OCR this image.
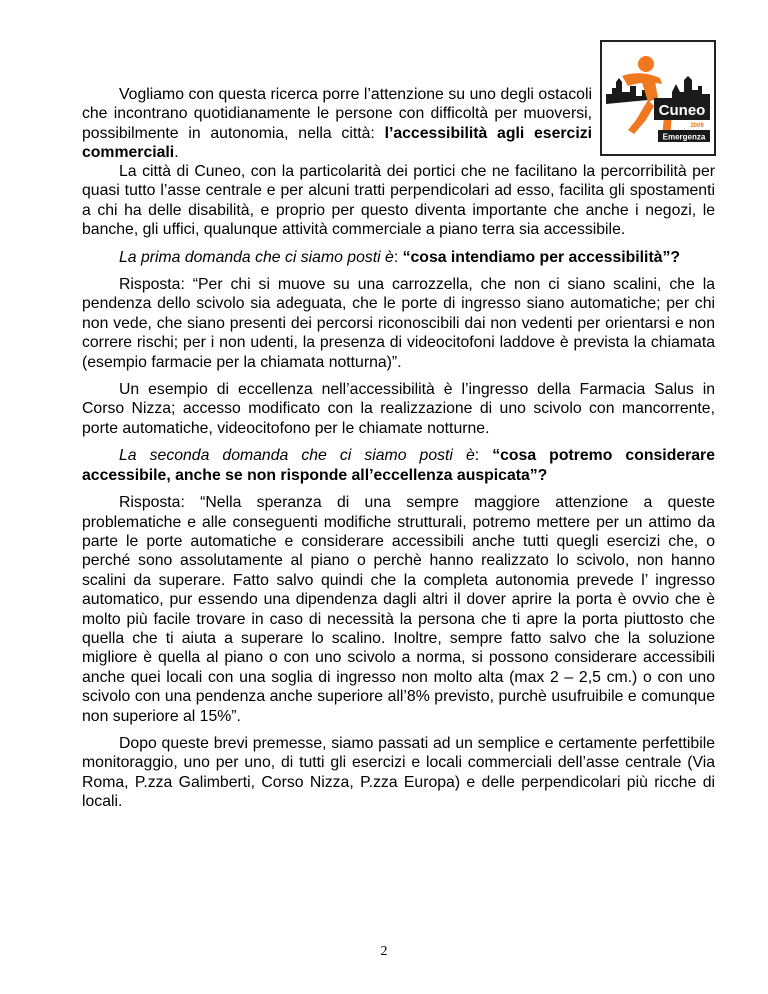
Cuneo
2009
Emergenza

Vogliamo con questa ricerca porre l’attenzione su uno degli ostacoli che incontrano quotidianamente le persone con difficoltà per muoversi, possibilmente in autonomia, nella città: l’accessibilità agli esercizi commerciali.

La città di Cuneo, con la particolarità dei portici che ne facilitano la percorribilità per quasi tutto l’asse centrale e per alcuni tratti perpendicolari ad esso, facilita gli spostamenti a chi ha delle disabilità, e proprio per questo diventa importante che anche i negozi, le banche, gli uffici, qualunque attività commerciale a piano terra sia accessibile.

La prima domanda che ci siamo posti è: “cosa intendiamo per accessibilità”?

Risposta: “Per chi si muove su una carrozzella, che non ci siano scalini, che la pendenza dello scivolo sia adeguata, che le porte di ingresso siano automatiche; per chi non vede, che siano presenti dei percorsi riconoscibili dai non vedenti per orientarsi e non correre rischi; per i non udenti, la presenza di videocitofoni laddove è prevista la chiamata (esempio farmacie per la chiamata notturna)”.

Un esempio di eccellenza nell’accessibilità è l’ingresso della Farmacia Salus in Corso Nizza; accesso modificato con la realizzazione di uno scivolo con mancorrente, porte automatiche, videocitofono per le chiamate notturne.

La seconda domanda che ci siamo posti è: “cosa potremo considerare accessibile, anche se non risponde all’eccellenza auspicata”?

Risposta: “Nella speranza di una sempre maggiore attenzione a queste problematiche e alle conseguenti modifiche strutturali, potremo mettere per un attimo da parte le porte automatiche e considerare accessibili anche tutti quegli esercizi che, o perché sono assolutamente al piano o perchè hanno realizzato lo scivolo, non hanno scalini da superare. Fatto salvo quindi che la completa autonomia prevede l’ ingresso automatico, pur essendo una dipendenza dagli altri il dover aprire la porta è ovvio che è molto più facile trovare in caso di necessità la persona che ti apre la porta piuttosto che quella che ti aiuta a superare lo scalino. Inoltre, sempre fatto salvo che la soluzione migliore è quella al piano o con uno scivolo a norma, si possono considerare accessibili anche quei locali con una soglia di ingresso non molto alta (max 2 – 2,5 cm.) o con uno scivolo con una pendenza anche superiore all’8% previsto, purchè usufruibile e comunque non superiore al 15%”.

Dopo queste brevi premesse, siamo passati ad un semplice e certamente perfettibile monitoraggio, uno per uno, di tutti gli esercizi e locali commerciali dell’asse centrale (Via Roma, P.zza Galimberti, Corso Nizza, P.zza Europa) e delle perpendicolari più ricche di locali.

2
